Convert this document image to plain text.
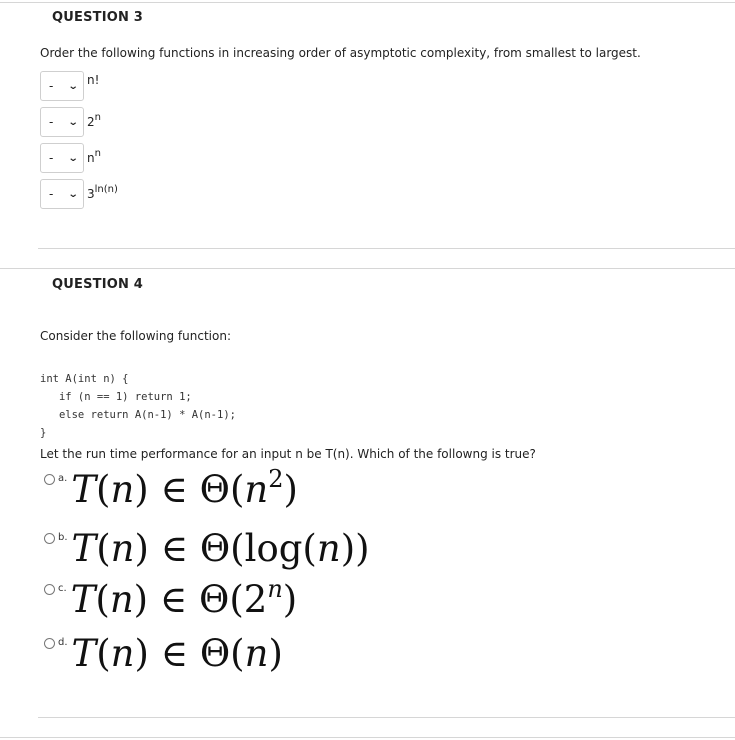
QUESTION 3
Order the following functions in increasing order of asymptotic complexity, from smallest to largest.
- ⌄ n!
- ⌄ 2$^n$
- ⌄ $n^n$
- ⌄ $3^{ln(n)}$
QUESTION 4
Consider the following function:
int A(int n) {
if (n == 1) return 1;
else return A(n-1) * A(n-1);
}
Let the run time performance for an input n be T(n). Which of the followng is true?
a. T(n) ∈ $\Theta(n^2)$
b. T(n) ∈ Θ(log(n))
c. T(n) ∈ Θ(2$^n$)
d. T(n) ∈ Θ(n)
